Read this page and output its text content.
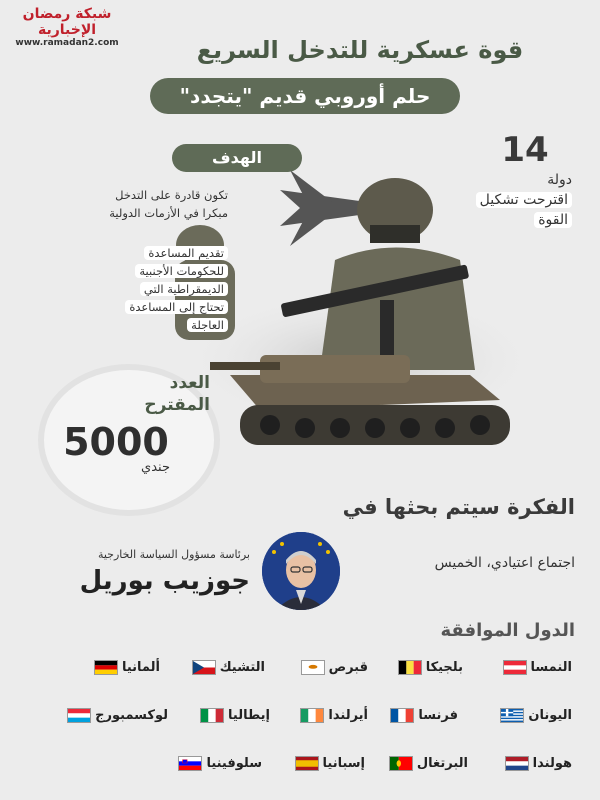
شبكة رمضان الإخبارية
www.ramadan2.com	قوة عسكرية للتدخل السريع
حلم أوروبي قديم "يتجدد"
الهدف
تكون قادرة على التدخل
مبكرا في الأزمات الدولية
تقديم المساعدة
للحكومات الأجنبية
الديمقراطية التي
تحتاج إلى المساعدة
العاجلة
14
دولة
اقترحت تشكيل
القوة
العدد
المقترح
5000
جندي
الفكرة سيتم بحثها في
اجتماع اعتيادي، الخميس
برئاسة مسؤول السياسة الخارجية
جوزيب بوريل
الدول الموافقة
النمسا
بلجيكا
قبرص
التشيك
ألمانيا
اليونان
فرنسا
أيرلندا
إيطاليا
لوكسمبورج
هولندا
البرتغال
إسبانيا
سلوفينيا
